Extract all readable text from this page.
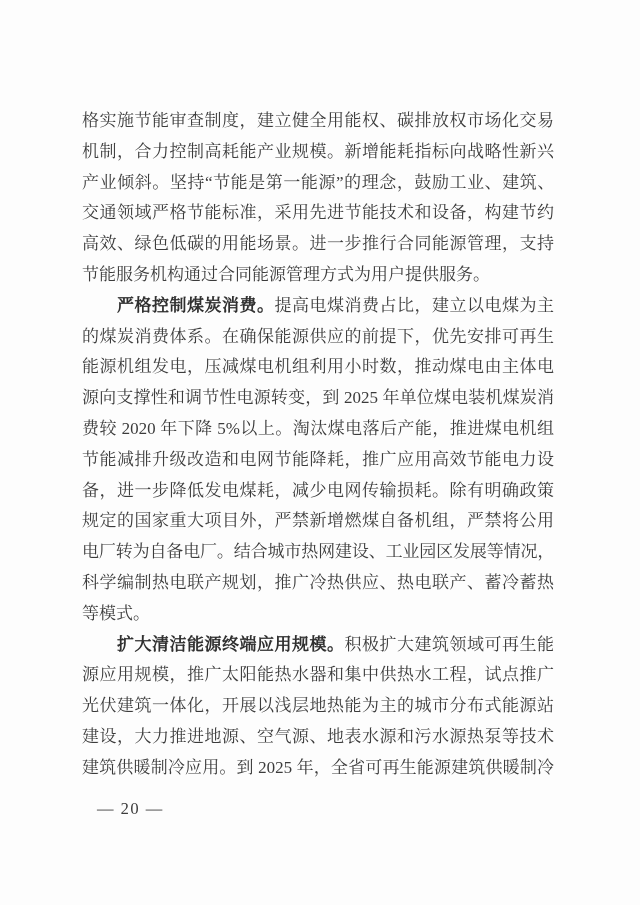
格实施节能审查制度，建立健全用能权、碳排放权市场化交易
机制，合力控制高耗能产业规模。新增能耗指标向战略性新兴
产业倾斜。坚持“节能是第一能源”的理念，鼓励工业、建筑、
交通领域严格节能标准，采用先进节能技术和设备，构建节约
高效、绿色低碳的用能场景。进一步推行合同能源管理，支持
节能服务机构通过合同能源管理方式为用户提供服务。
严格控制煤炭消费。提高电煤消费占比，建立以电煤为主
的煤炭消费体系。在确保能源供应的前提下，优先安排可再生
能源机组发电，压减煤电机组利用小时数，推动煤电由主体电
源向支撑性和调节性电源转变，到 2025 年单位煤电装机煤炭消
费较 2020 年下降 5%以上。淘汰煤电落后产能，推进煤电机组
节能减排升级改造和电网节能降耗，推广应用高效节能电力设
备，进一步降低发电煤耗，减少电网传输损耗。除有明确政策
规定的国家重大项目外，严禁新增燃煤自备机组，严禁将公用
电厂转为自备电厂。结合城市热网建设、工业园区发展等情况，
科学编制热电联产规划，推广冷热供应、热电联产、蓄冷蓄热
等模式。
扩大清洁能源终端应用规模。积极扩大建筑领域可再生能
源应用规模，推广太阳能热水器和集中供热水工程，试点推广
光伏建筑一体化，开展以浅层地热能为主的城市分布式能源站
建设，大力推进地源、空气源、地表水源和污水源热泵等技术
建筑供暖制冷应用。到 2025 年，全省可再生能源建筑供暖制冷
— 20 —
